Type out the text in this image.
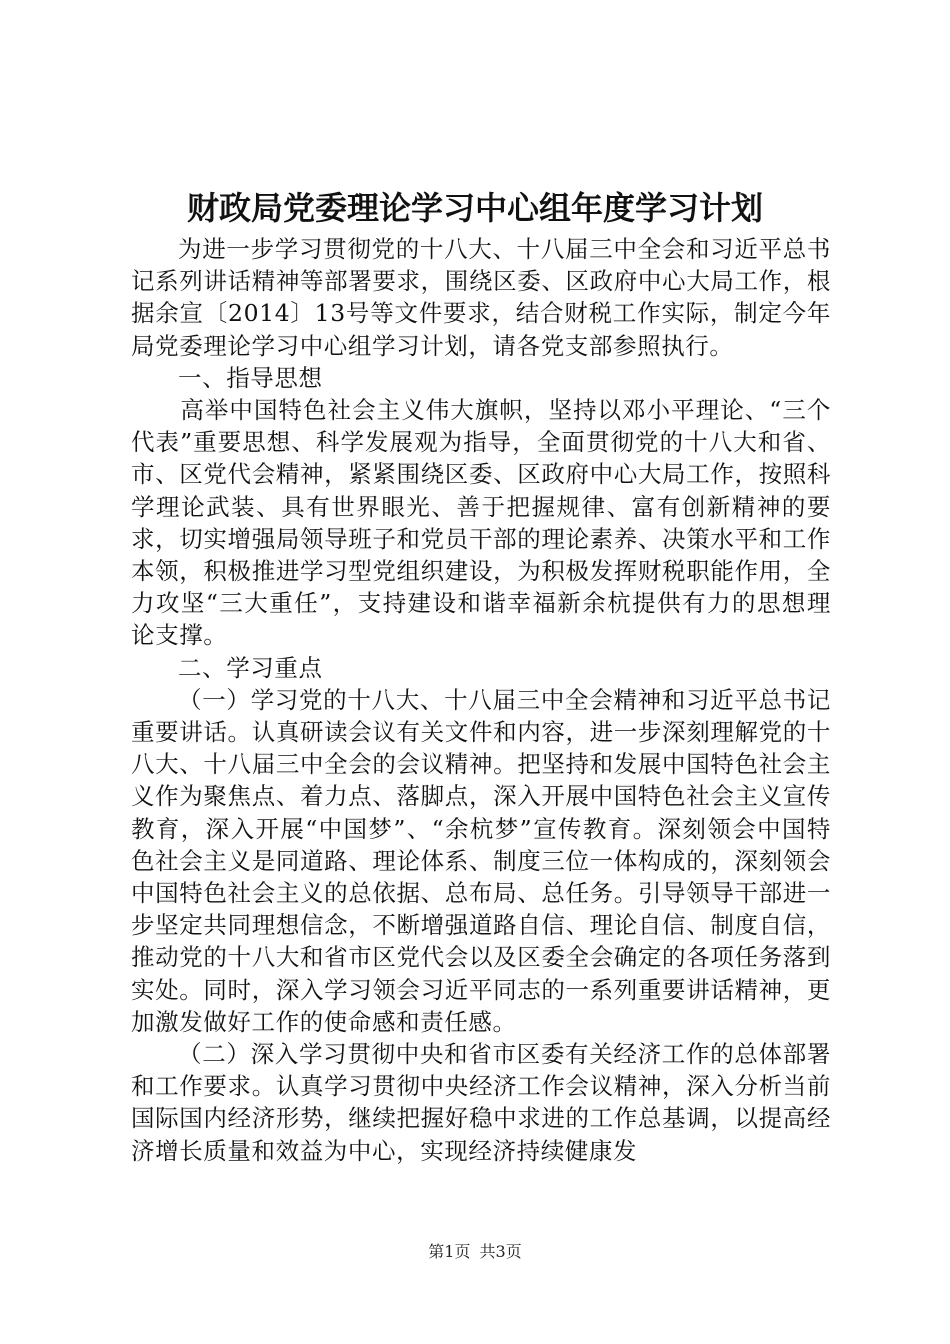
财政局党委理论学习中心组年度学习计划

为进一步学习贯彻党的十八大、十八届三中全会和习近平总书记系列讲话精神等部署要求，围绕区委、区政府中心大局工作，根据余宣〔2014〕13号等文件要求，结合财税工作实际，制定今年局党委理论学习中心组学习计划，请各党支部参照执行。

一、指导思想

高举中国特色社会主义伟大旗帜，坚持以邓小平理论、“三个代表”重要思想、科学发展观为指导，全面贯彻党的十八大和省、市、区党代会精神，紧紧围绕区委、区政府中心大局工作，按照科学理论武装、具有世界眼光、善于把握规律、富有创新精神的要求，切实增强局领导班子和党员干部的理论素养、决策水平和工作本领，积极推进学习型党组织建设，为积极发挥财税职能作用，全力攻坚“三大重任”，支持建设和谐幸福新余杭提供有力的思想理论支撑。

二、学习重点

（一）学习党的十八大、十八届三中全会精神和习近平总书记重要讲话。认真研读会议有关文件和内容，进一步深刻理解党的十八大、十八届三中全会的会议精神。把坚持和发展中国特色社会主义作为聚焦点、着力点、落脚点，深入开展中国特色社会主义宣传教育，深入开展“中国梦”、“余杭梦”宣传教育。深刻领会中国特色社会主义是同道路、理论体系、制度三位一体构成的，深刻领会中国特色社会主义的总依据、总布局、总任务。引导领导干部进一步坚定共同理想信念，不断增强道路自信、理论自信、制度自信，推动党的十八大和省市区党代会以及区委全会确定的各项任务落到实处。同时，深入学习领会习近平同志的一系列重要讲话精神，更加激发做好工作的使命感和责任感。

（二）深入学习贯彻中央和省市区委有关经济工作的总体部署和工作要求。认真学习贯彻中央经济工作会议精神，深入分析当前国际国内经济形势，继续把握好稳中求进的工作总基调，以提高经济增长质量和效益为中心，实现经济持续健康发

第1页 共3页
